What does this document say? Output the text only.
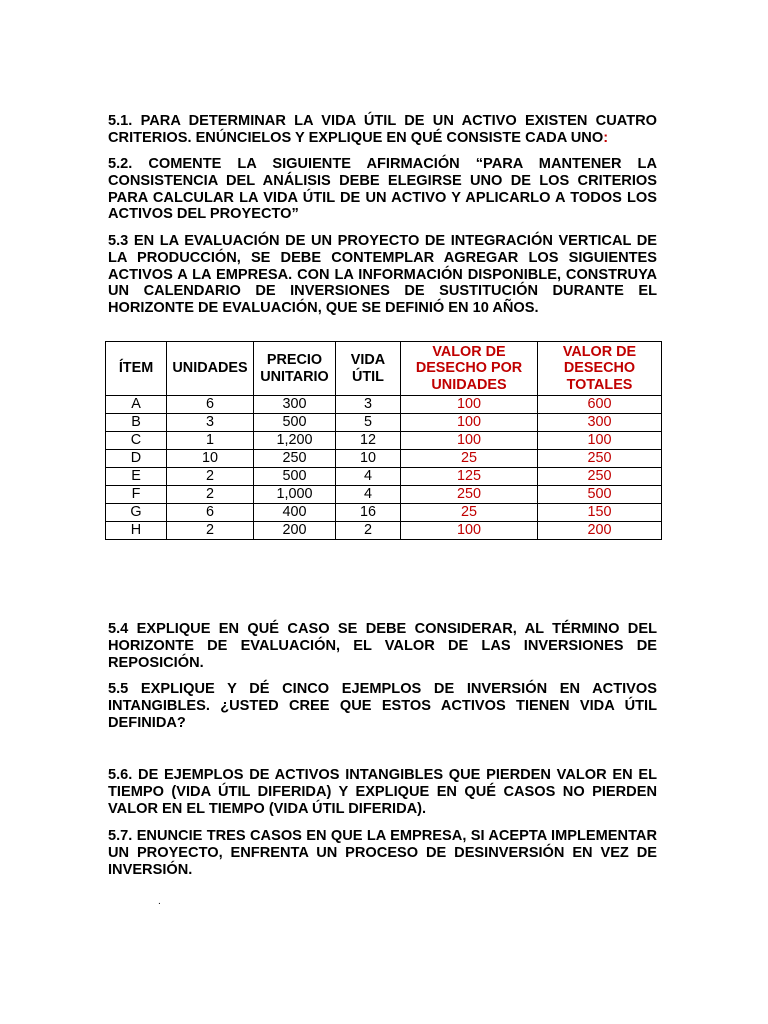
5.1. PARA DETERMINAR LA VIDA ÚTIL DE UN ACTIVO EXISTEN CUATRO CRITERIOS. ENÚNCIELOS Y EXPLIQUE EN QUÉ CONSISTE CADA UNO:

5.2. COMENTE LA SIGUIENTE AFIRMACIÓN “PARA MANTENER LA CONSISTENCIA DEL ANÁLISIS DEBE ELEGIRSE UNO DE LOS CRITERIOS PARA CALCULAR LA VIDA ÚTIL DE UN ACTIVO Y APLICARLO A TODOS LOS ACTIVOS DEL PROYECTO”

5.3 EN LA EVALUACIÓN DE UN PROYECTO DE INTEGRACIÓN VERTICAL DE LA PRODUCCIÓN, SE DEBE CONTEMPLAR AGREGAR LOS SIGUIENTES ACTIVOS A LA EMPRESA. CON LA INFORMACIÓN DISPONIBLE, CONSTRUYA UN CALENDARIO DE INVERSIONES DE SUSTITUCIÓN DURANTE EL HORIZONTE DE EVALUACIÓN, QUE SE DEFINIÓ EN 10 AÑOS.

ÍTEM	UNIDADES	PRECIO UNITARIO	VIDA ÚTIL	VALOR DE DESECHO POR UNIDADES	VALOR DE DESECHO TOTALES
A	6	300	3	100	600
B	3	500	5	100	300
C	1	1,200	12	100	100
D	10	250	10	25	250
E	2	500	4	125	250
F	2	1,000	4	250	500
G	6	400	16	25	150
H	2	200	2	100	200

5.4 EXPLIQUE EN QUÉ CASO SE DEBE CONSIDERAR, AL TÉRMINO DEL HORIZONTE DE EVALUACIÓN, EL VALOR DE LAS INVERSIONES DE REPOSICIÓN.

5.5 EXPLIQUE Y DÉ CINCO EJEMPLOS DE INVERSIÓN EN ACTIVOS INTANGIBLES. ¿USTED CREE QUE ESTOS ACTIVOS TIENEN VIDA ÚTIL DEFINIDA?

5.6. DE EJEMPLOS DE ACTIVOS INTANGIBLES QUE PIERDEN VALOR EN EL TIEMPO (VIDA ÚTIL DIFERIDA) Y EXPLIQUE EN QUÉ CASOS NO PIERDEN VALOR EN EL TIEMPO (VIDA ÚTIL DIFERIDA).

5.7. ENUNCIE TRES CASOS EN QUE LA EMPRESA, SI ACEPTA IMPLEMENTAR UN PROYECTO, ENFRENTA UN PROCESO DE DESINVERSIÓN EN VEZ DE INVERSIÓN.

.
